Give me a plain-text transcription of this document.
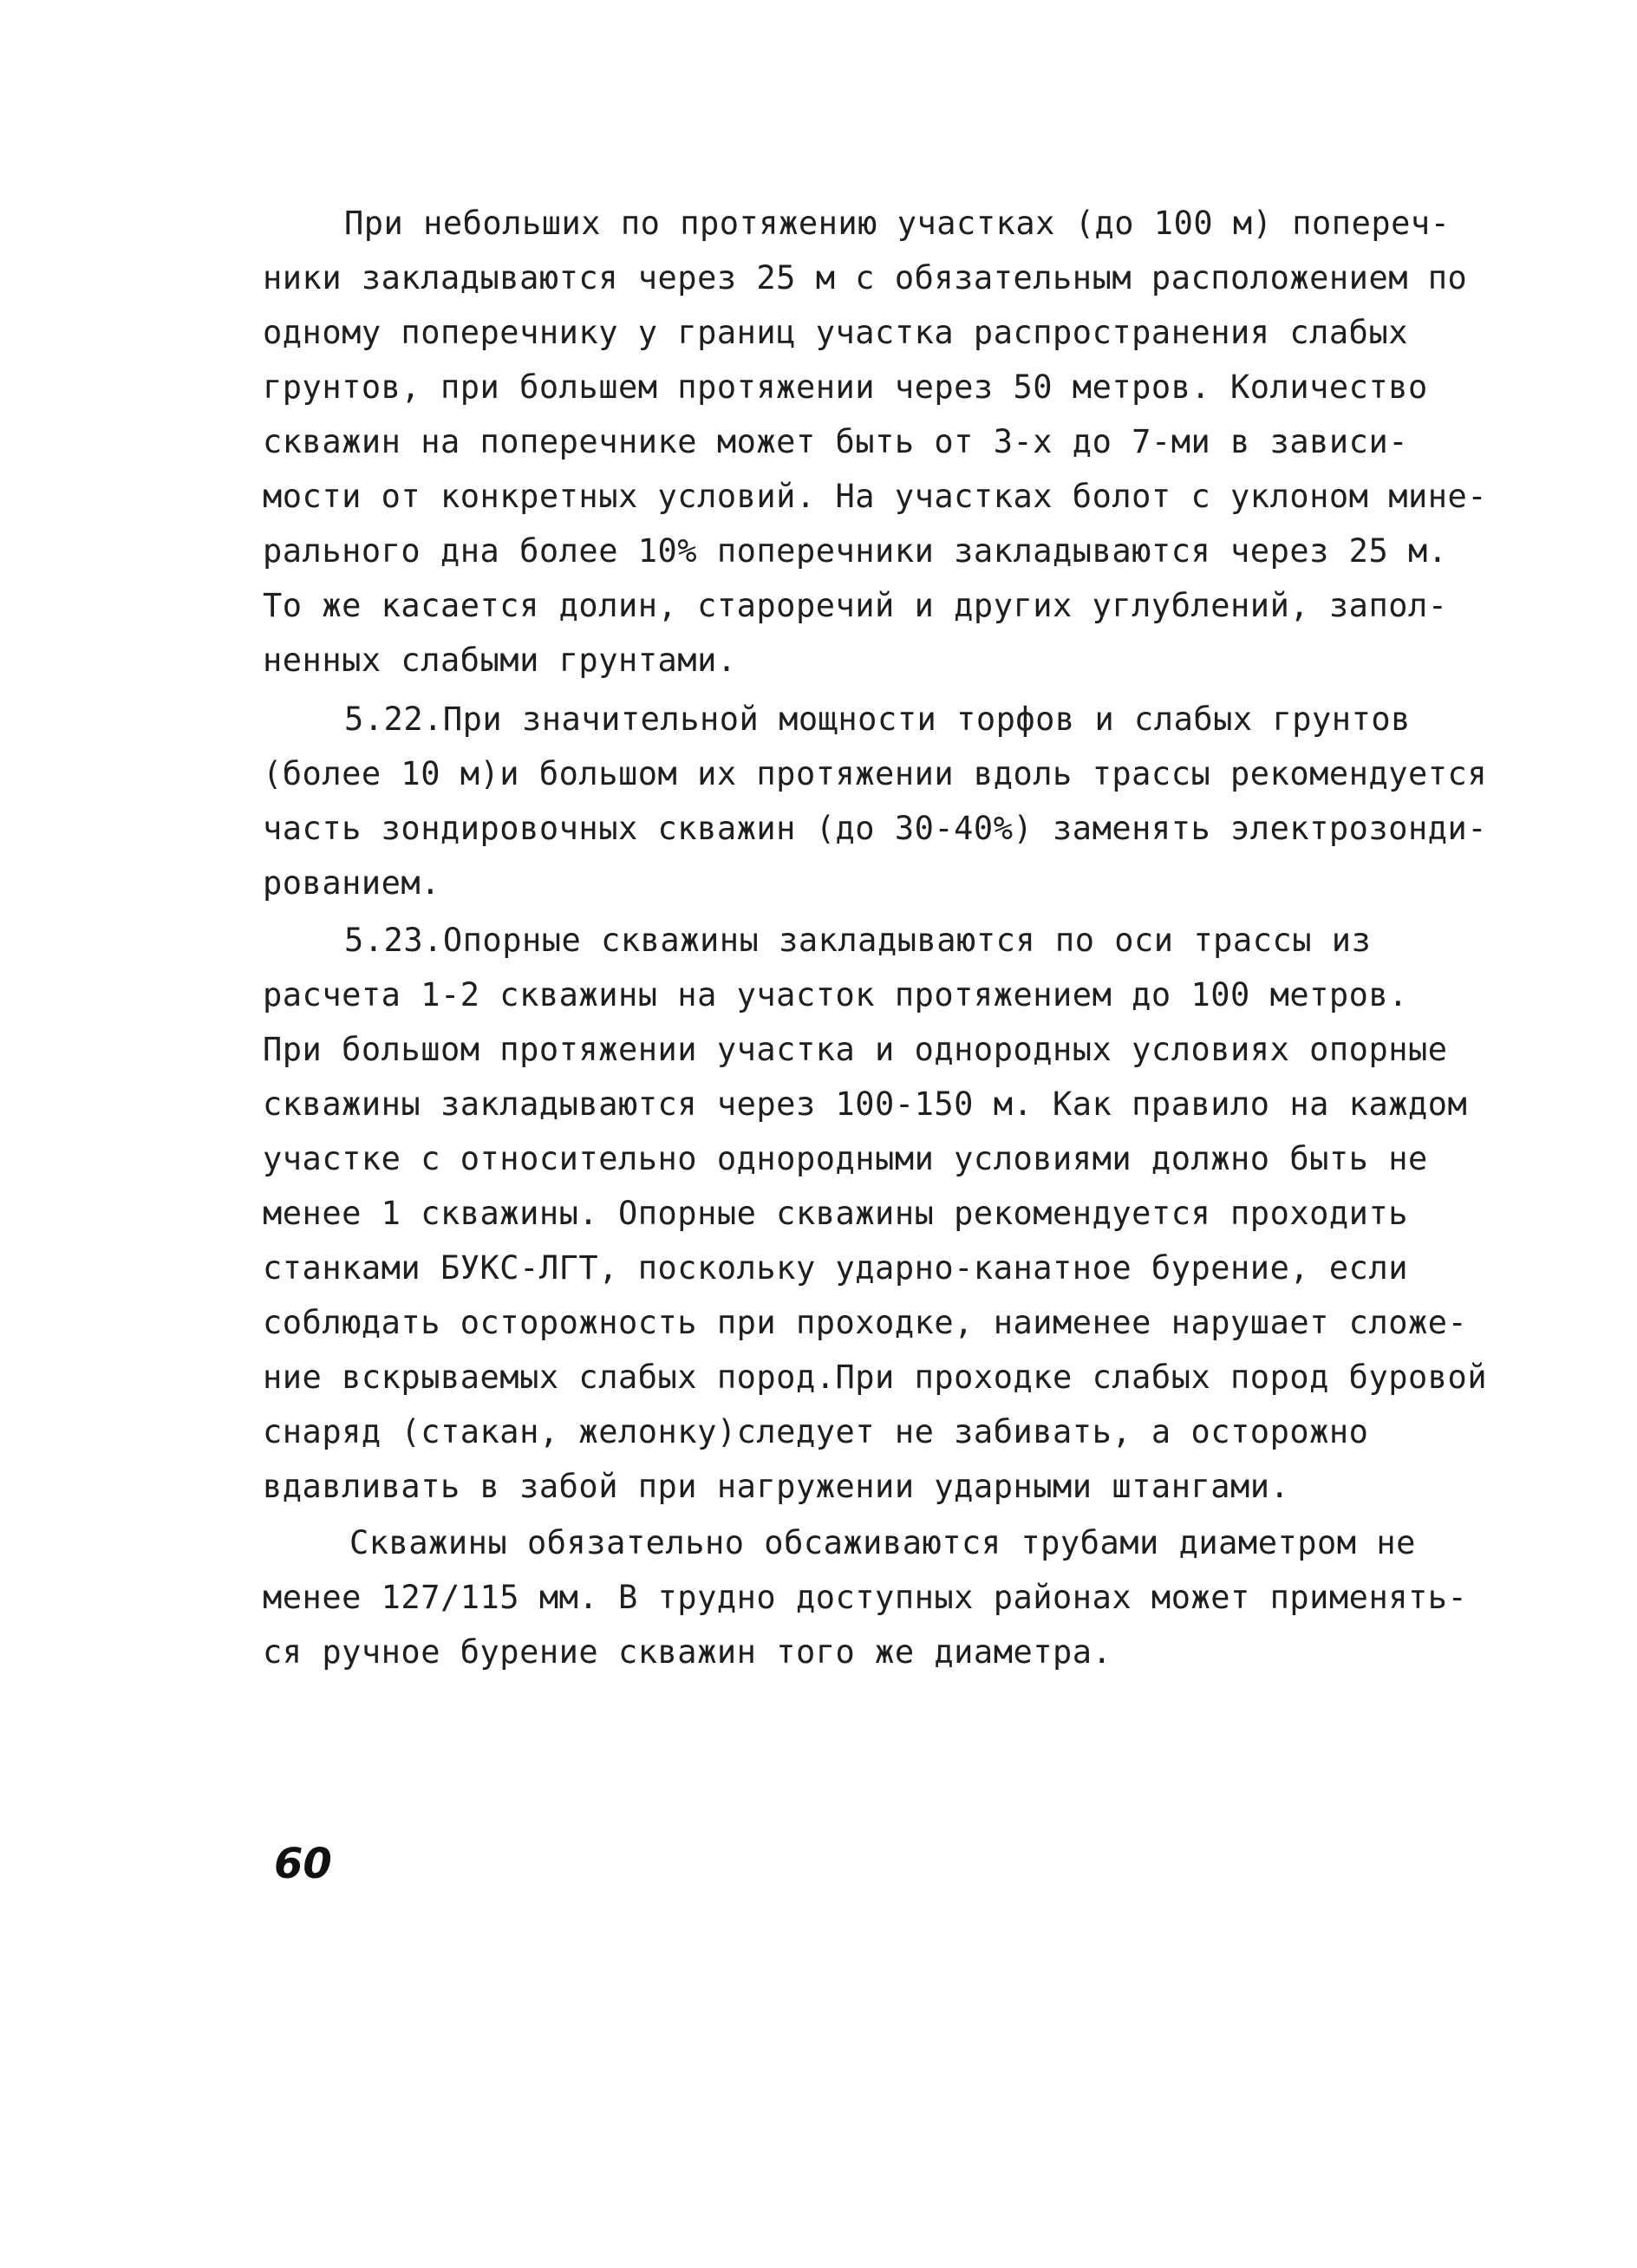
При небольших по протяжению участках (до 100 м) попереч-
ники закладываются через 25 м с обязательным расположением по
одному поперечнику у границ участка распространения слабых
грунтов, при большем протяжении через 50 метров. Количество
скважин на поперечнике может быть от 3-х до 7-ми в зависи-
мости от конкретных условий. На участках болот с уклоном мине-
рального дна более 10% поперечники закладываются через 25 м.
То же касается долин, староречий и других углублений, запол-
ненных слабыми грунтами.
5.22.При значительной мощности торфов и слабых грунтов
(более 10 м)и большом их протяжении вдоль трассы рекомендуется
часть зондировочных скважин (до 30-40%) заменять электрозонди-
рованием.
5.23.Опорные скважины закладываются по оси трассы из
расчета 1-2 скважины на участок протяжением до 100 метров.
При большом протяжении участка и однородных условиях опорные
скважины закладываются через 100-150 м. Как правило на каждом
участке с относительно однородными условиями должно быть не
менее 1 скважины. Опорные скважины рекомендуется проходить
станками БУКС-ЛГТ, поскольку ударно-канатное бурение, если
соблюдать осторожность при проходке, наименее нарушает сложе-
ние вскрываемых слабых пород.При проходке слабых пород буровой
снаряд (стакан, желонку)следует не забивать, а осторожно
вдавливать в забой при нагружении ударными штангами.
Скважины обязательно обсаживаются трубами диаметром не
менее 127/115 мм. В трудно доступных районах может применять-
ся ручное бурение скважин того же диаметра.
60
